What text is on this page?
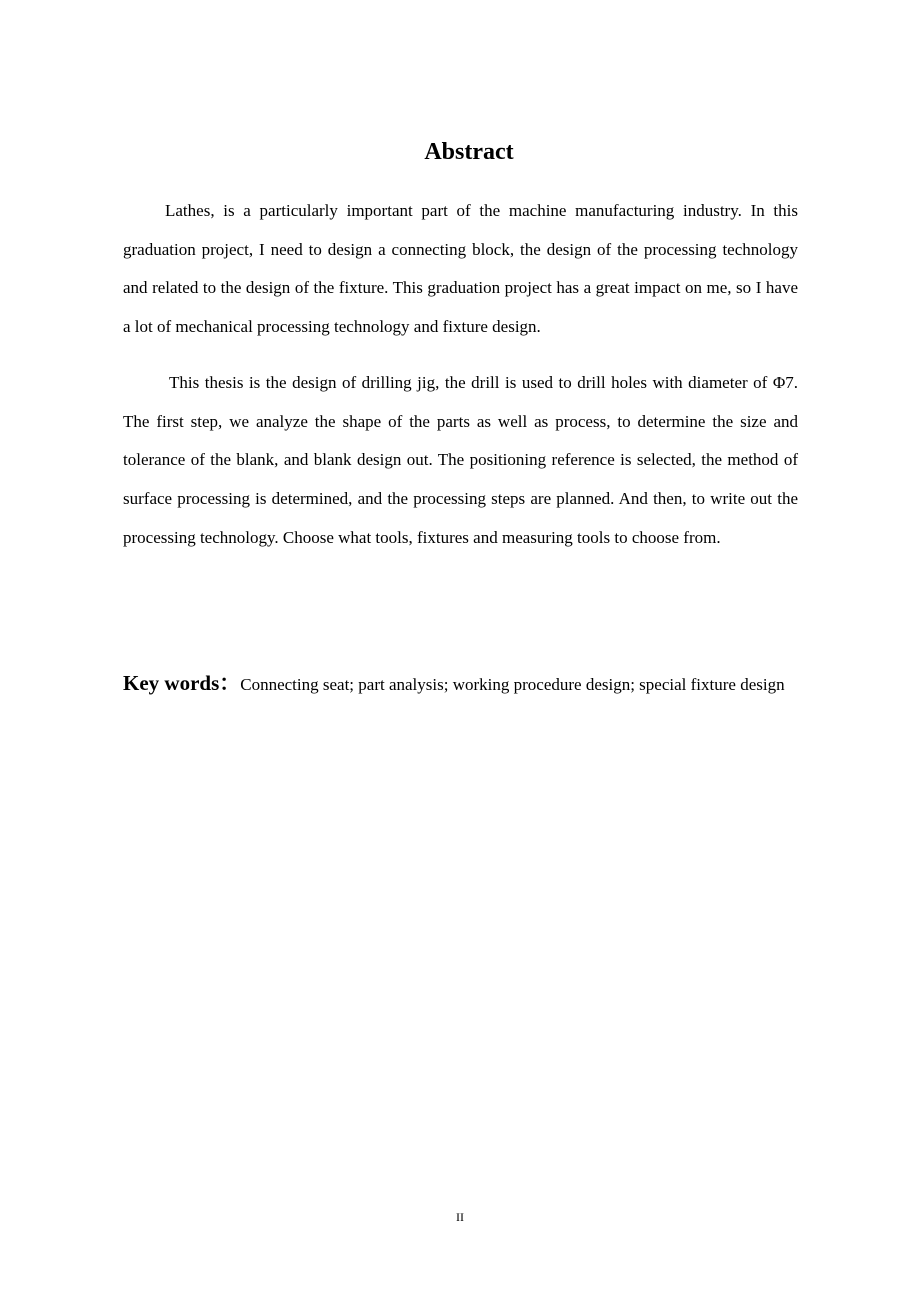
Abstract

Lathes, is a particularly important part of the machine manufacturing industry. In this graduation project, I need to design a connecting block, the design of the processing technology and related to the design of the fixture. This graduation project has a great impact on me, so I have a lot of mechanical processing technology and fixture design.

This thesis is the design of drilling jig, the drill is used to drill holes with diameter of Φ7. The first step, we analyze the shape of the parts as well as process, to determine the size and tolerance of the blank, and blank design out. The positioning reference is selected, the method of surface processing is determined, and the processing steps are planned. And then, to write out the processing technology. Choose what tools, fixtures and measuring tools to choose from.

Key words：Connecting seat; part analysis; working procedure design; special fixture design

II
